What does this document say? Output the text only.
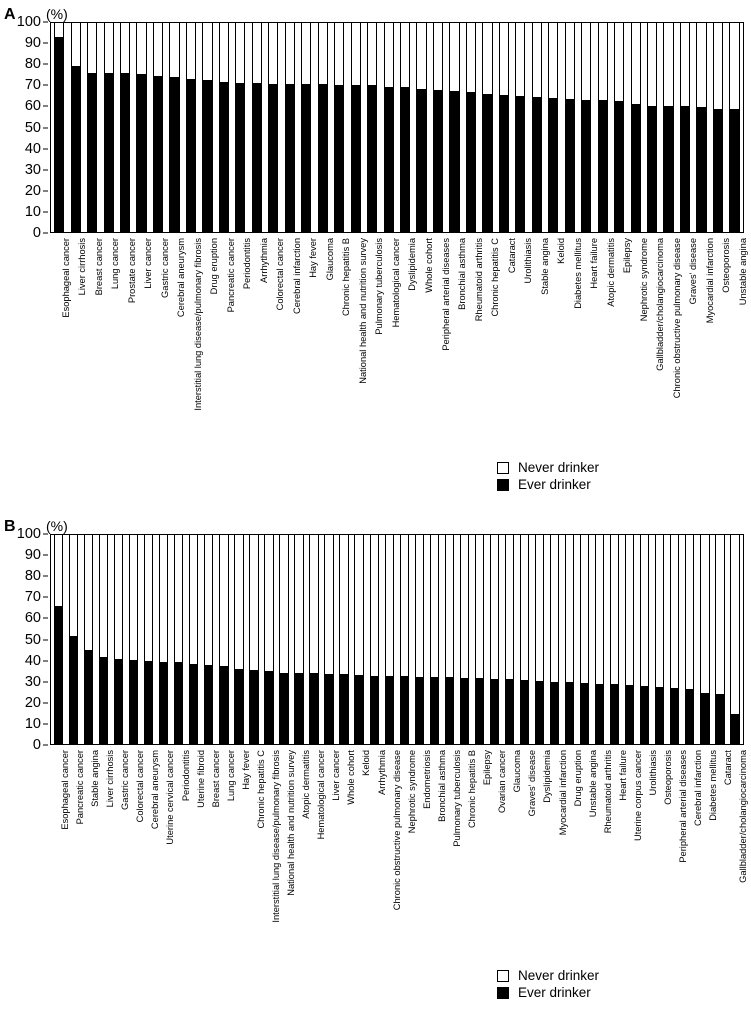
A (%)
0
10
20
30
40
50
60
70
80
90
100
Esophageal cancer Liver cirrhosis Breast cancer Lung cancer Prostate cancer Liver cancer Gastric cancer Cerebral aneurysm Interstitial lung disease/pulmonary fibrosis Drug eruption Pancreatic cancer Periodontitis Arrhythmia Colorectal cancer Cerebral infarction Hay fever Glaucoma Chronic hepatitis B National health and nutrition survey Pulmonary tuberculosis Hematological cancer Dyslipidemia Whole cohort Peripheral arterial diseases Bronchial asthma Rheumatoid arthritis Chronic hepatitis C Cataract Urolithiasis Stable angina Keloid Diabetes mellitus Heart failure Atopic dermatitis Epilepsy Nephrotic syndrome Gallbladder/cholangiocarcinoma Chronic obstructive pulmonary disease Graves' disease Myocardial infarction Osteoporosis Unstable angina
Never drinker
Ever drinker
B (%)
0
10
20
30
40
50
60
70
80
90
100
Esophageal cancer Pancreatic cancer Stable angina Liver cirrhosis Gastric cancer Colorectal cancer Cerebral aneurysm Uterine cervical cancer Periodontitis Uterine fibroid Breast cancer Lung cancer Hay fever Chronic hepatitis C Interstitial lung disease/pulmonary fibrosis National health and nutrition survey Atopic dermatitis Hematological cancer Liver cancer Whole cohort Keloid Arrhythmia Chronic obstructive pulmonary disease Nephrotic syndrome Endometriosis Bronchial asthma Pulmonary tuberculosis Chronic hepatitis B Epilepsy Ovarian cancer Glaucoma Graves' disease Dyslipidemia Myocardial infarction Drug eruption Unstable angina Rheumatoid arthritis Heart failure Uterine corpus cancer Urolithiasis Osteoporosis Peripheral arterial diseases Cerebral infarction Diabetes mellitus Cataract Gallbladder/cholangiocarcinoma
Never drinker
Ever drinker
